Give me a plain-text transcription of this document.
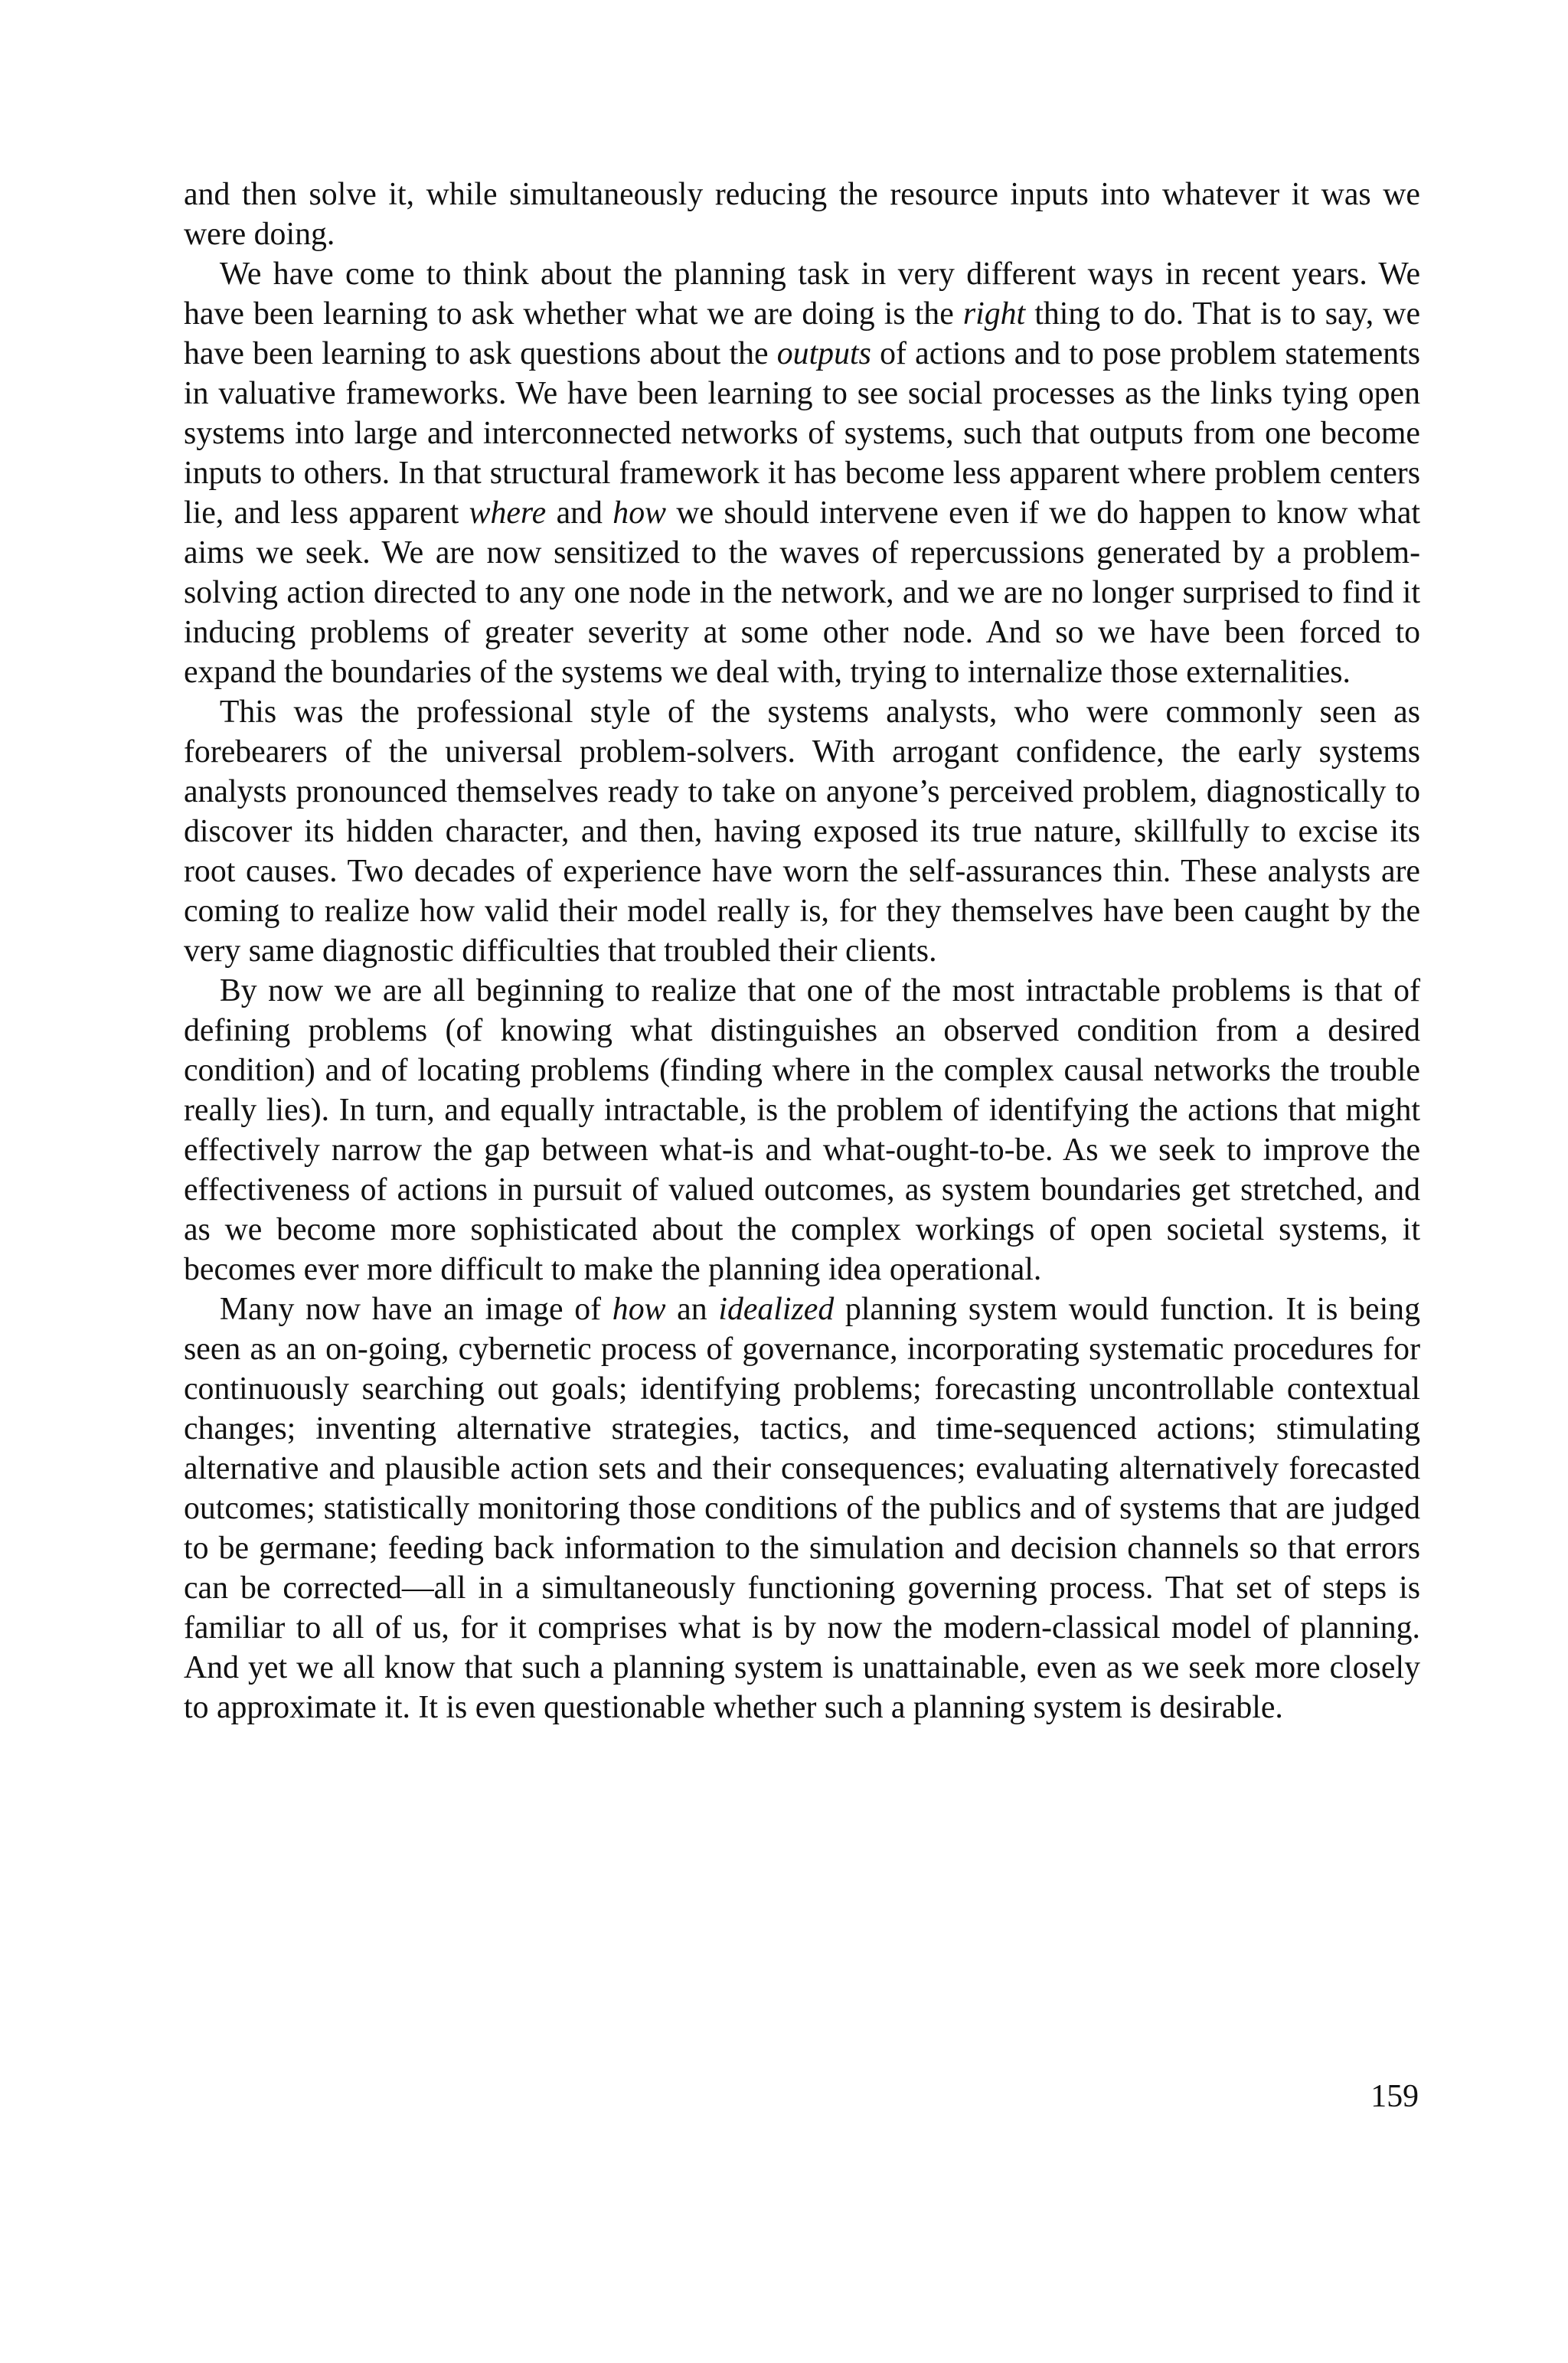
and then solve it, while simultaneously reducing the resource inputs into whatever it was we were doing.

We have come to think about the planning task in very different ways in recent years. We have been learning to ask whether what we are doing is the right thing to do. That is to say, we have been learning to ask questions about the outputs of actions and to pose problem statements in valuative frameworks. We have been learning to see social processes as the links tying open systems into large and interconnected networks of systems, such that outputs from one become inputs to others. In that structural framework it has become less apparent where problem centers lie, and less apparent where and how we should intervene even if we do happen to know what aims we seek. We are now sensitized to the waves of repercussions generated by a problem-solving action directed to any one node in the network, and we are no longer surprised to find it inducing problems of greater severity at some other node. And so we have been forced to expand the boundaries of the systems we deal with, trying to internalize those externalities.

This was the professional style of the systems analysts, who were commonly seen as forebearers of the universal problem-solvers. With arrogant confidence, the early systems analysts pronounced themselves ready to take on anyone’s perceived problem, diagnostically to discover its hidden character, and then, having exposed its true nature, skillfully to excise its root causes. Two decades of experience have worn the self-assurances thin. These analysts are coming to realize how valid their model really is, for they themselves have been caught by the very same diagnostic difficulties that troubled their clients.

By now we are all beginning to realize that one of the most intractable problems is that of defining problems (of knowing what distinguishes an observed condition from a desired condition) and of locating problems (finding where in the complex causal networks the trouble really lies). In turn, and equally intractable, is the problem of identifying the actions that might effectively narrow the gap between what-is and what-ought-to-be. As we seek to improve the effectiveness of actions in pursuit of valued outcomes, as system boundaries get stretched, and as we become more sophisticated about the complex workings of open societal systems, it becomes ever more difficult to make the planning idea operational.

Many now have an image of how an idealized planning system would function. It is being seen as an on-going, cybernetic process of governance, incorporating systematic procedures for continuously searching out goals; identifying problems; forecasting uncontrollable contextual changes; inventing alternative strategies, tactics, and time-sequenced actions; stimulating alternative and plausible action sets and their consequences; evaluating alternatively forecasted outcomes; statistically monitoring those conditions of the publics and of systems that are judged to be germane; feeding back information to the simulation and decision channels so that errors can be corrected—all in a simultaneously functioning governing process. That set of steps is familiar to all of us, for it comprises what is by now the modern-classical model of planning. And yet we all know that such a planning system is unattainable, even as we seek more closely to approximate it. It is even questionable whether such a planning system is desirable.

159
